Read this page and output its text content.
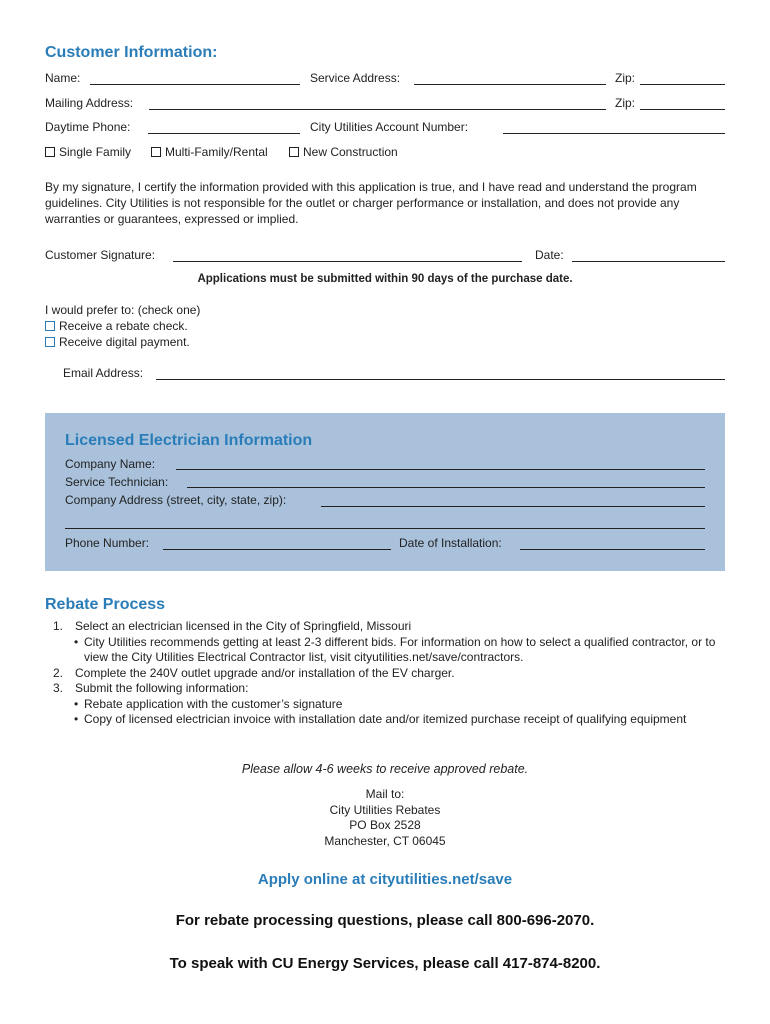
Customer Information:
Name:	Service Address:	Zip:
Mailing Address:	Zip:
Daytime Phone:	City Utilities Account Number:
Single Family	Multi-Family/Rental	New Construction
By my signature, I certify the information provided with this application is true, and I have read and understand the program guidelines. City Utilities is not responsible for the outlet or charger performance or installation, and does not provide any warranties or guarantees, expressed or implied.
Customer Signature:	Date:
Applications must be submitted within 90 days of the purchase date.
I would prefer to: (check one)
Receive a rebate check.
Receive digital payment.
Email Address:
Licensed Electrician Information
Company Name:
Service Technician:
Company Address (street, city, state, zip):
Phone Number:	Date of Installation:
Rebate Process
1. Select an electrician licensed in the City of Springfield, Missouri
• City Utilities recommends getting at least 2-3 different bids. For information on how to select a qualified contractor, or to view the City Utilities Electrical Contractor list, visit cityutilities.net/save/contractors.
2. Complete the 240V outlet upgrade and/or installation of the EV charger.
3. Submit the following information:
• Rebate application with the customer’s signature
• Copy of licensed electrician invoice with installation date and/or itemized purchase receipt of qualifying equipment
Please allow 4-6 weeks to receive approved rebate.
Mail to:
City Utilities Rebates
PO Box 2528
Manchester, CT 06045
Apply online at cityutilities.net/save
For rebate processing questions, please call 800-696-2070.
To speak with CU Energy Services, please call 417-874-8200.
